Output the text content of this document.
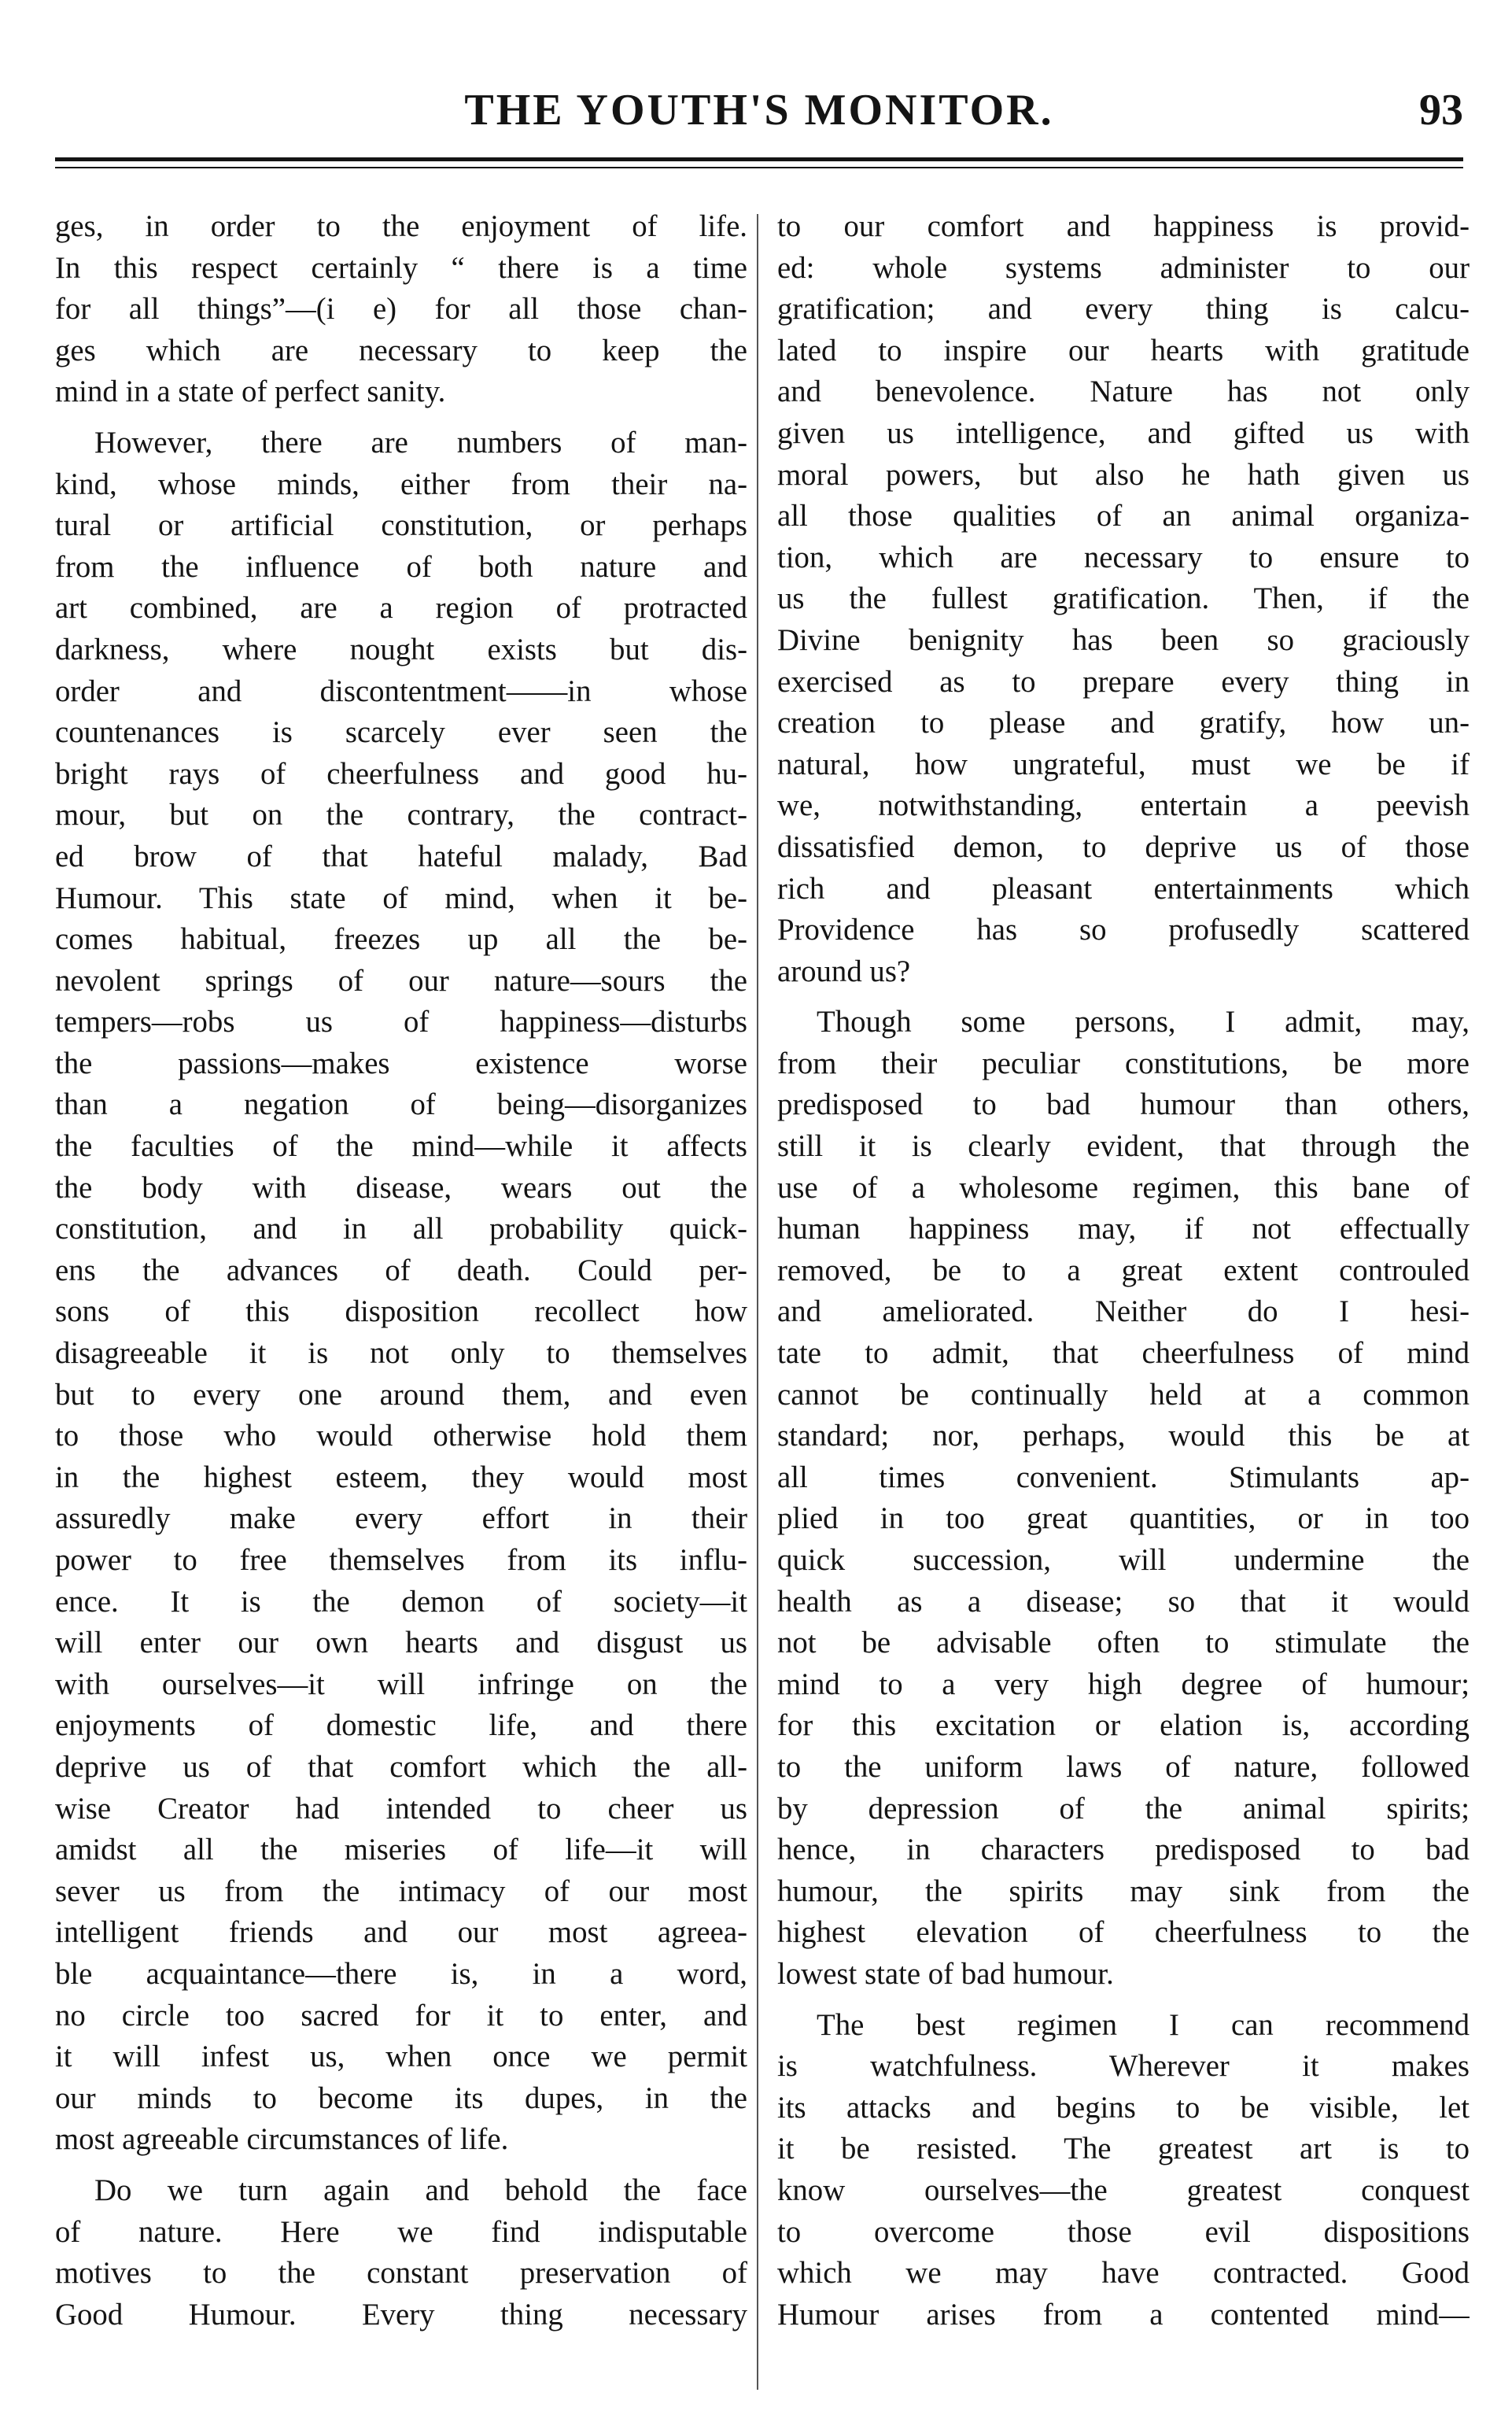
THE YOUTH'S MONITOR.	93
ges, in order to the enjoyment of life.
In this respect certainly “ there is a time
for all things”—(i e) for all those chan-
ges which are necessary to keep the
mind in a state of perfect sanity.
However, there are numbers of man-
kind, whose minds, either from their na-
tural or artificial constitution, or perhaps
from the influence of both nature and
art combined, are a region of protracted
darkness, where nought exists but dis-
order and discontentment——in whose
countenances is scarcely ever seen the
bright rays of cheerfulness and good hu-
mour, but on the contrary, the contract-
ed brow of that hateful malady, Bad
Humour. This state of mind, when it be-
comes habitual, freezes up all the be-
nevolent springs of our nature—sours the
tempers—robs us of happiness—disturbs
the passions—makes existence worse
than a negation of being—disorganizes
the faculties of the mind—while it affects
the body with disease, wears out the
constitution, and in all probability quick-
ens the advances of death. Could per-
sons of this disposition recollect how
disagreeable it is not only to themselves
but to every one around them, and even
to those who would otherwise hold them
in the highest esteem, they would most
assuredly make every effort in their
power to free themselves from its influ-
ence. It is the demon of society—it
will enter our own hearts and disgust us
with ourselves—it will infringe on the
enjoyments of domestic life, and there
deprive us of that comfort which the all-
wise Creator had intended to cheer us
amidst all the miseries of life—it will
sever us from the intimacy of our most
intelligent friends and our most agreea-
ble acquaintance—there is, in a word,
no circle too sacred for it to enter, and
it will infest us, when once we permit
our minds to become its dupes, in the
most agreeable circumstances of life.
Do we turn again and behold the face
of nature. Here we find indisputable
motives to the constant preservation of
Good Humour. Every thing necessary
to our comfort and happiness is provid-
ed: whole systems administer to our
gratification; and every thing is calcu-
lated to inspire our hearts with gratitude
and benevolence. Nature has not only
given us intelligence, and gifted us with
moral powers, but also he hath given us
all those qualities of an animal organiza-
tion, which are necessary to ensure to
us the fullest gratification. Then, if the
Divine benignity has been so graciously
exercised as to prepare every thing in
creation to please and gratify, how un-
natural, how ungrateful, must we be if
we, notwithstanding, entertain a peevish
dissatisfied demon, to deprive us of those
rich and pleasant entertainments which
Providence has so profusedly scattered
around us?
Though some persons, I admit, may,
from their peculiar constitutions, be more
predisposed to bad humour than others,
still it is clearly evident, that through the
use of a wholesome regimen, this bane of
human happiness may, if not effectually
removed, be to a great extent controuled
and ameliorated. Neither do I hesi-
tate to admit, that cheerfulness of mind
cannot be continually held at a common
standard; nor, perhaps, would this be at
all times convenient. Stimulants ap-
plied in too great quantities, or in too
quick succession, will undermine the
health as a disease; so that it would
not be advisable often to stimulate the
mind to a very high degree of humour;
for this excitation or elation is, according
to the uniform laws of nature, followed
by depression of the animal spirits;
hence, in characters predisposed to bad
humour, the spirits may sink from the
highest elevation of cheerfulness to the
lowest state of bad humour.
The best regimen I can recommend
is watchfulness. Wherever it makes
its attacks and begins to be visible, let
it be resisted. The greatest art is to
know ourselves—the greatest conquest
to overcome those evil dispositions
which we may have contracted. Good
Humour arises from a contented mind—
